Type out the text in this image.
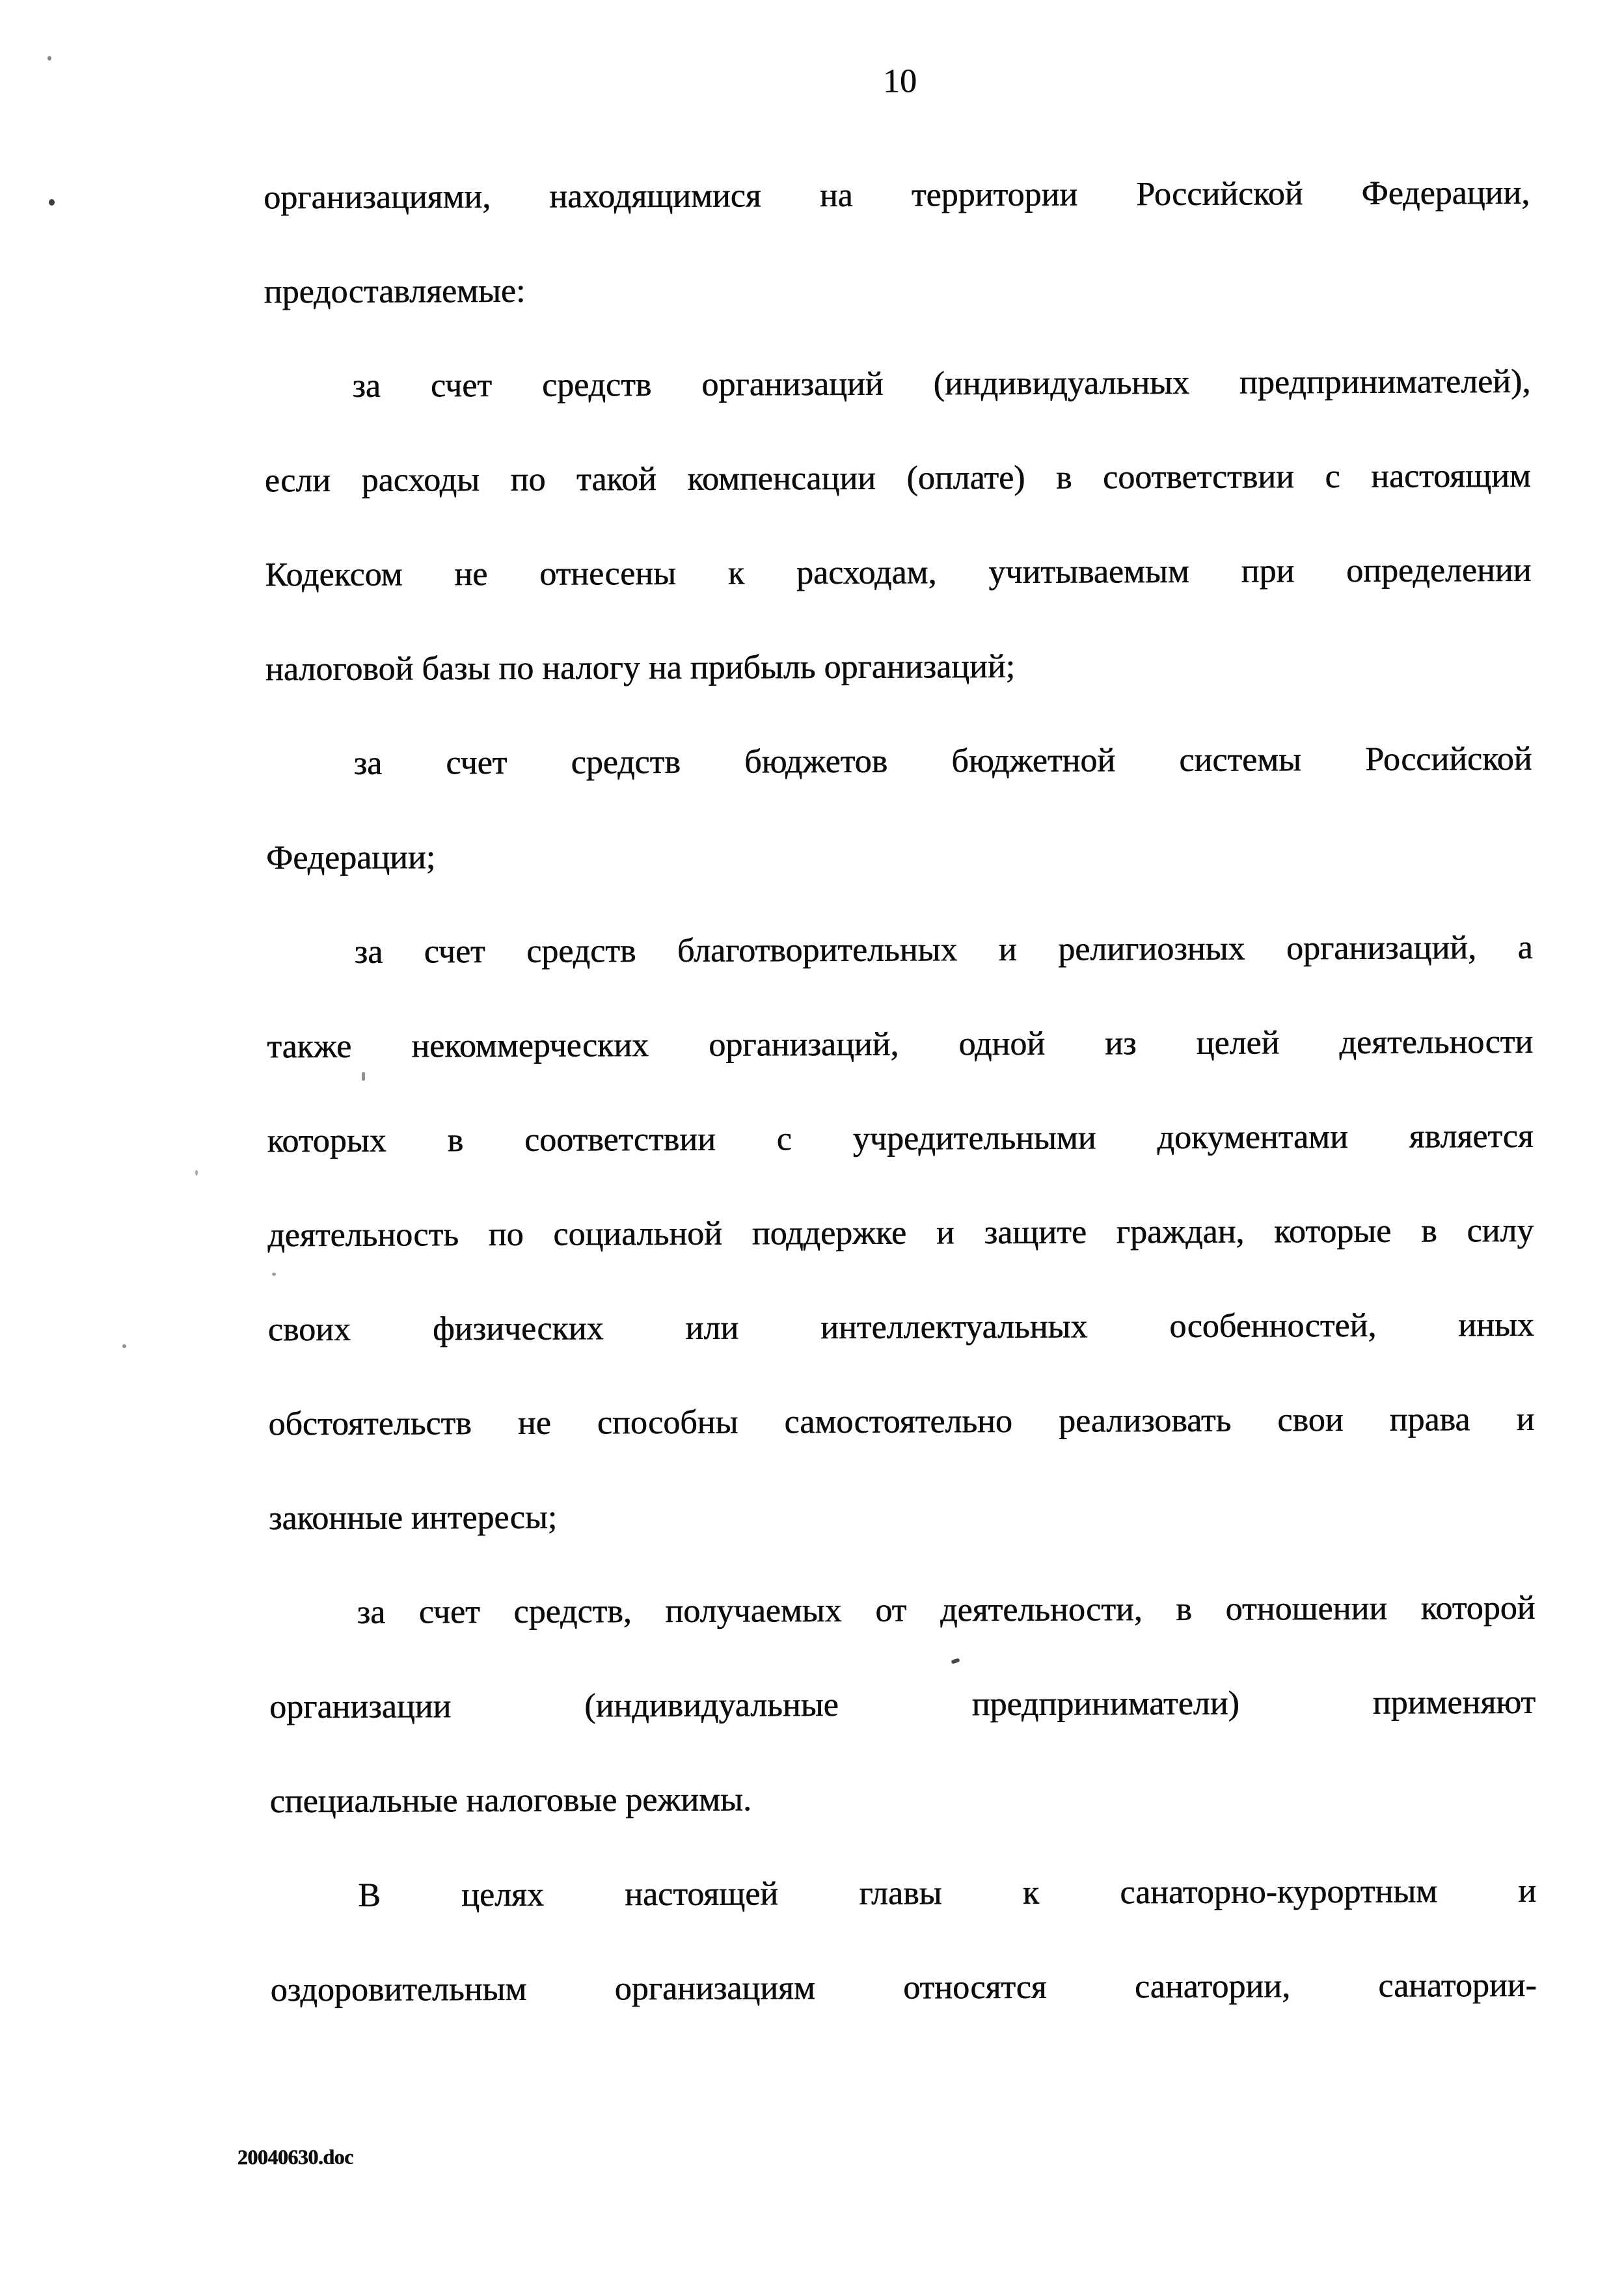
10
организациями, находящимися на территории Российской Федерации,
предоставляемые:
за счет средств организаций (индивидуальных предпринимателей),
если расходы по такой компенсации (оплате) в соответствии с настоящим
Кодексом не отнесены к расходам, учитываемым при определении
налоговой базы по налогу на прибыль организаций;
за счет средств бюджетов бюджетной системы Российской
Федерации;
за счет средств благотворительных и религиозных организаций, а
также некоммерческих организаций, одной из целей деятельности
которых в соответствии с учредительными документами является
деятельность по социальной поддержке и защите граждан, которые в силу
своих физических или интеллектуальных особенностей, иных
обстоятельств не способны самостоятельно реализовать свои права и
законные интересы;
за счет средств, получаемых от деятельности, в отношении которой
организации (индивидуальные предприниматели) применяют
специальные налоговые режимы.
В целях настоящей главы к санаторно-курортным и
оздоровительным организациям относятся санатории, санатории-
20040630.doc
